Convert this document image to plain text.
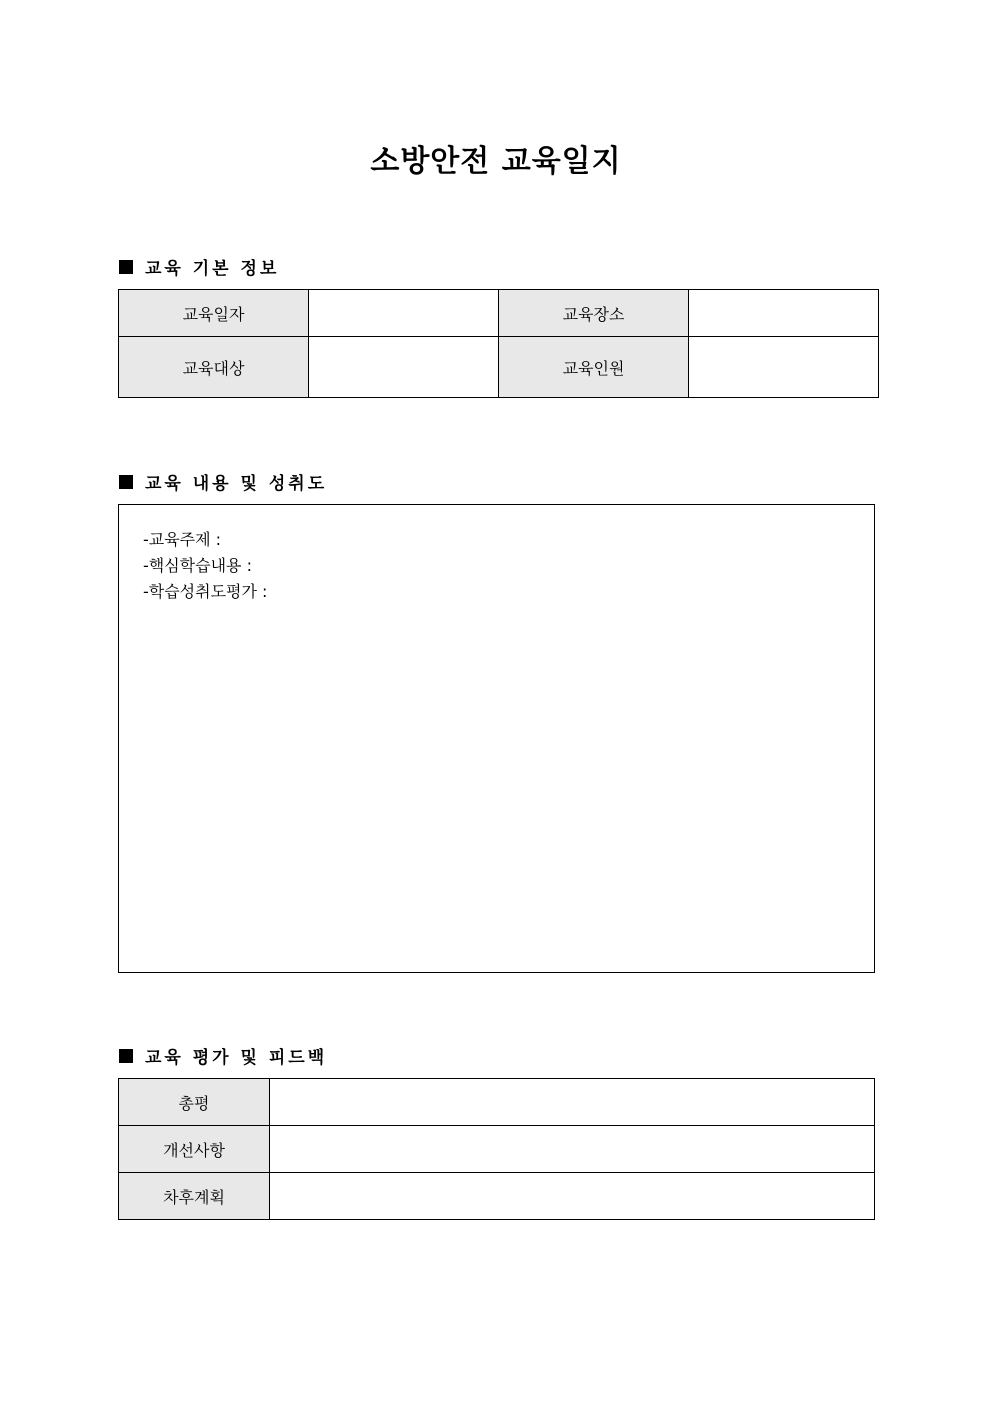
소방안전 교육일지
교육 기본 정보
교육일자		교육장소	
교육대상		교육인원	
교육 내용 및 성취도
-교육주제 :
-핵심학습내용 :
-학습성취도평가 :
교육 평가 및 피드백
총평	
개선사항	
차후계획	
